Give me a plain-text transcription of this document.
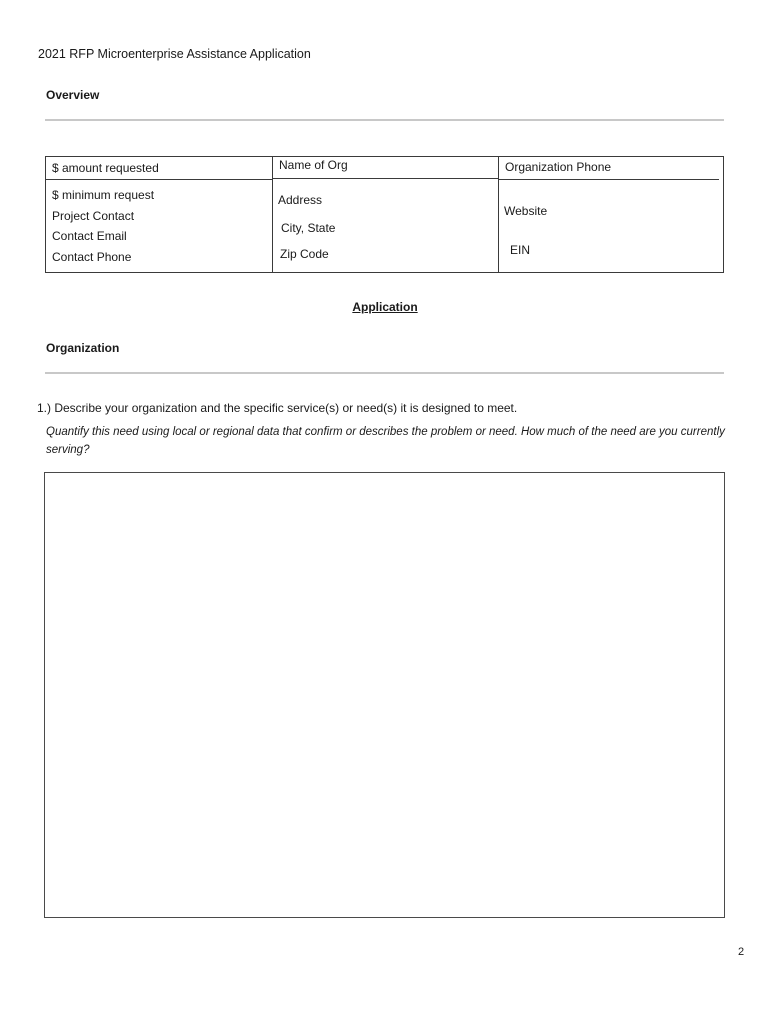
2021 RFP Microenterprise Assistance Application
Overview
$ amount requested
$ minimum request
Project Contact
Contact Email
Contact Phone
Name of Org
Address
City, State
Zip Code
Organization Phone
Website
EIN
Application
Organization
1.) Describe your organization and the specific service(s) or need(s) it is designed to meet.
Quantify this need using local or regional data that confirm or describes the problem or need. How much of the need are you currently serving?
2
